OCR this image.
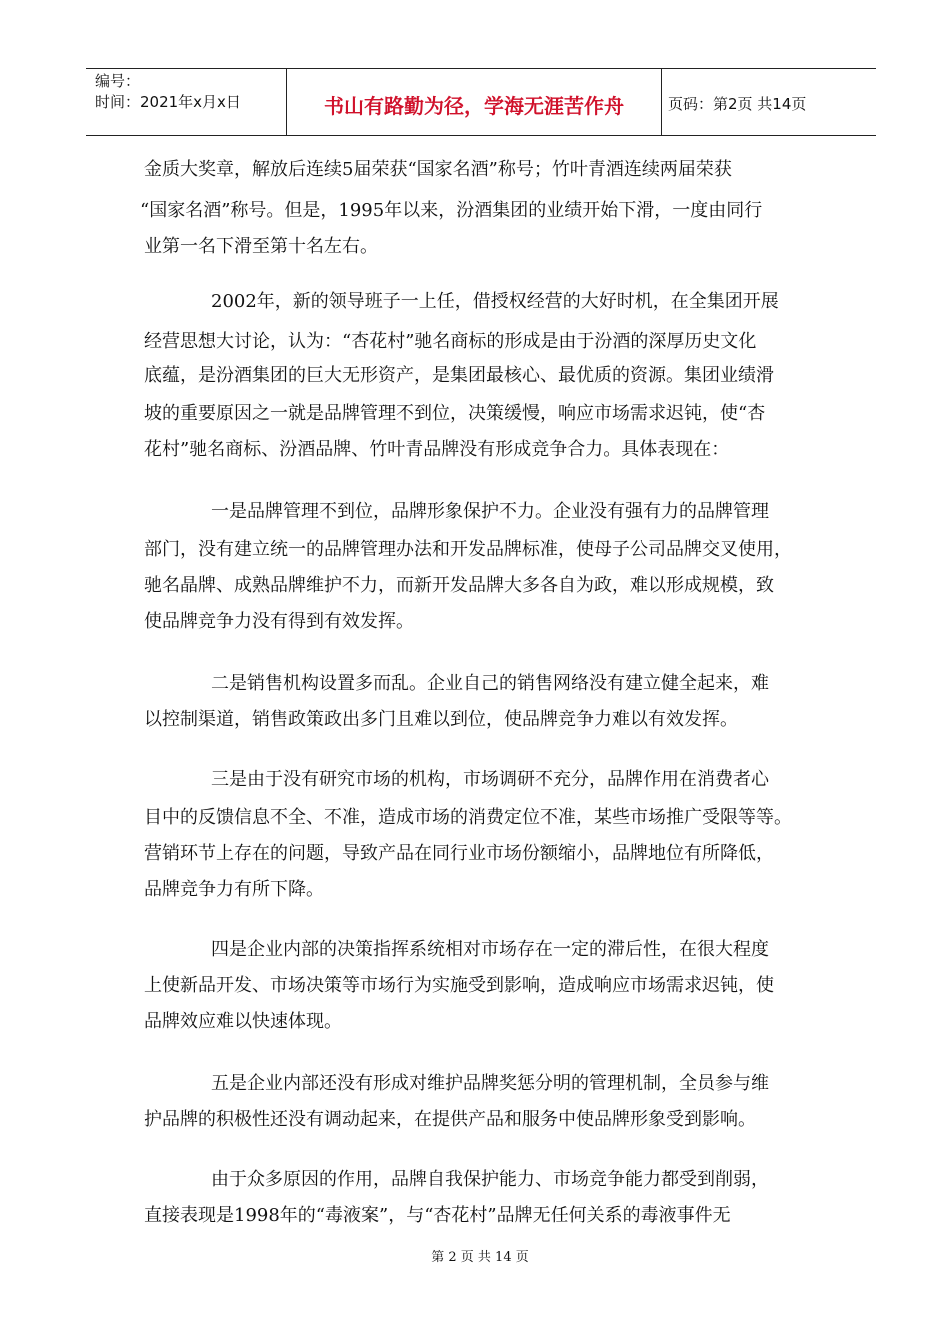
编号：
时间：2021年x月x日	书山有路勤为径，学海无涯苦作舟	页码：第2页 共14页
金质大奖章，解放后连续5届荣获“国家名酒”称号；竹叶青酒连续两届荣获
“国家名酒”称号。但是，1995年以来，汾酒集团的业绩开始下滑，一度由同行
业第一名下滑至第十名左右。
2002年，新的领导班子一上任，借授权经营的大好时机，在全集团开展
经营思想大讨论，认为：“杏花村”驰名商标的形成是由于汾酒的深厚历史文化
底蕴，是汾酒集团的巨大无形资产，是集团最核心、最优质的资源。集团业绩滑
坡的重要原因之一就是品牌管理不到位，决策缓慢，响应市场需求迟钝，使“杏
花村”驰名商标、汾酒品牌、竹叶青品牌没有形成竞争合力。具体表现在：
一是品牌管理不到位，品牌形象保护不力。企业没有强有力的品牌管理
部门，没有建立统一的品牌管理办法和开发品牌标准，使母子公司品牌交叉使用，
驰名晶牌、成熟品牌维护不力，而新开发品牌大多各自为政，难以形成规模，致
使品牌竞争力没有得到有效发挥。
二是销售机构设置多而乱。企业自己的销售网络没有建立健全起来，难
以控制渠道，销售政策政出多门且难以到位，使品牌竞争力难以有效发挥。
三是由于没有研究市场的机构，市场调研不充分，品牌作用在消费者心
目中的反馈信息不全、不准，造成市场的消费定位不准，某些市场推广受限等等。
营销环节上存在的问题，导致产品在同行业市场份额缩小，品牌地位有所降低，
品牌竞争力有所下降。
四是企业内部的决策指挥系统相对市场存在一定的滞后性，在很大程度
上使新品开发、市场决策等市场行为实施受到影响，造成响应市场需求迟钝，使
品牌效应难以快速体现。
五是企业内部还没有形成对维护品牌奖惩分明的管理机制，全员参与维
护品牌的积极性还没有调动起来，在提供产品和服务中使品牌形象受到影响。
由于众多原因的作用，品牌自我保护能力、市场竞争能力都受到削弱，
直接表现是1998年的“毒液案”，与“杏花村”品牌无任何关系的毒液事件无
第 2 页 共 14 页
